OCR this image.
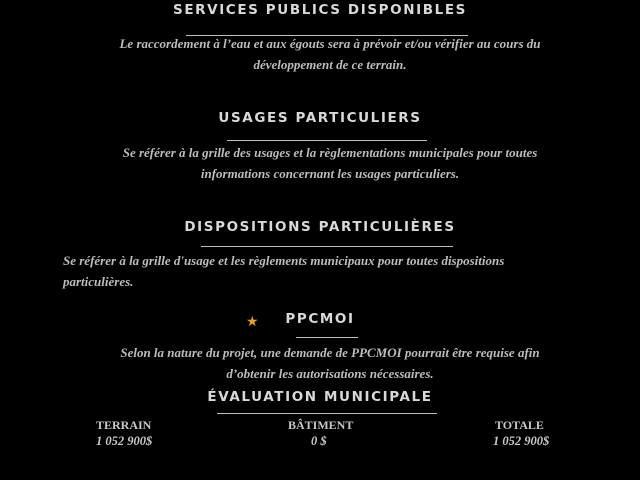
SERVICES PUBLICS DISPONIBLES
Le raccordement à l’eau et aux égouts sera à prévoir et/ou vérifier au cours du développement de ce terrain.
USAGES PARTICULIERS
Se référer à la grille des usages et la règlementations municipales pour toutes informations concernant les usages particuliers.
DISPOSITIONS PARTICULIÈRES
Se référer à la grille d'usage et les règlements municipaux pour toutes dispositions particulières.
★	PPCMOI
Selon la nature du projet, une demande de PPCMOI pourrait être requise afin d’obtenir les autorisations nécessaires.
ÉVALUATION MUNICIPALE
TERRAIN
1 052 900$
BÂTIMENT
0 $
TOTALE
1 052 900$
